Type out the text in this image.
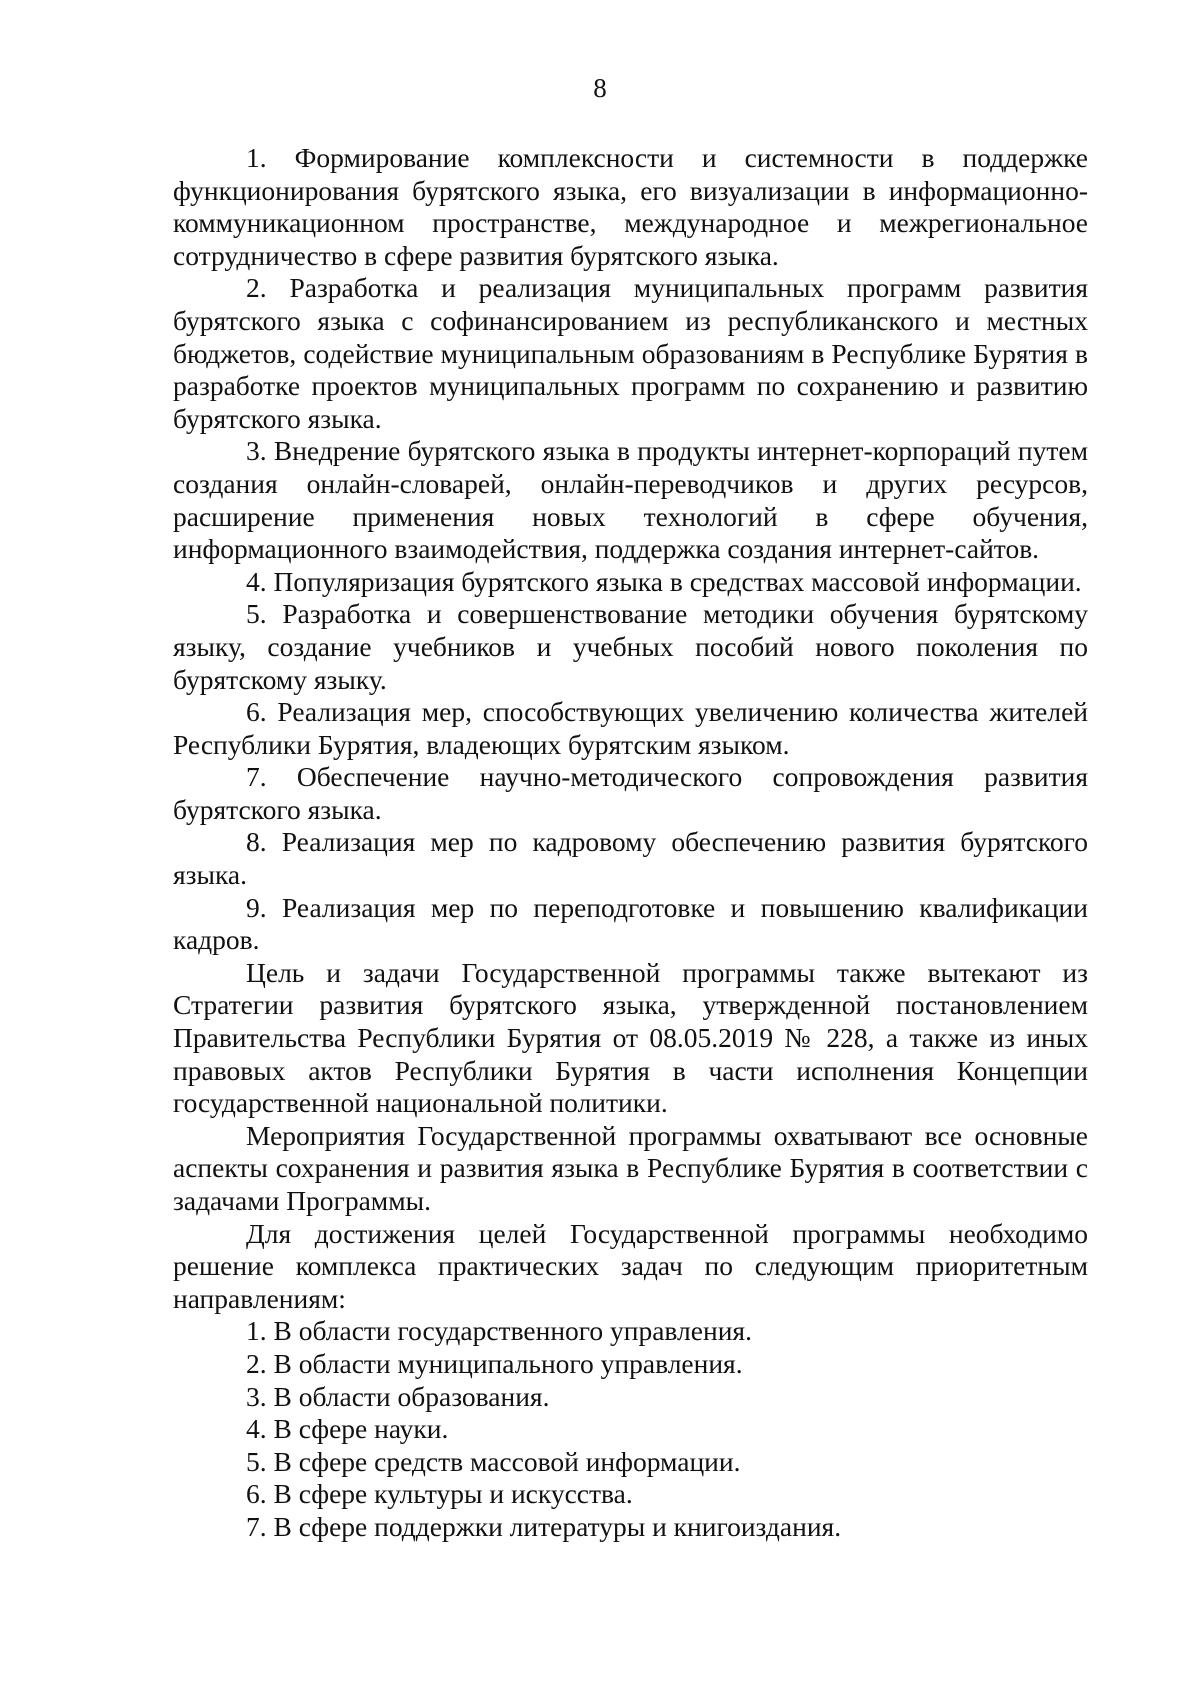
8

1. Формирование комплексности и системности в поддержке функционирования бурятского языка, его визуализации в информационно-коммуникационном пространстве, международное и межрегиональное сотрудничество в сфере развития бурятского языка.

2. Разработка и реализация муниципальных программ развития бурятского языка с софинансированием из республиканского и местных бюджетов, содействие муниципальным образованиям в Республике Бурятия в разработке проектов муниципальных программ по сохранению и развитию бурятского языка.

3. Внедрение бурятского языка в продукты интернет-корпораций путем создания онлайн-словарей, онлайн-переводчиков и других ресурсов, расширение применения новых технологий в сфере обучения, информационного взаимодействия, поддержка создания интернет-сайтов.

4. Популяризация бурятского языка в средствах массовой информации.

5. Разработка и совершенствование методики обучения бурятскому языку, создание учебников и учебных пособий нового поколения по бурятскому языку.

6. Реализация мер, способствующих увеличению количества жителей Республики Бурятия, владеющих бурятским языком.

7. Обеспечение научно-методического сопровождения развития бурятского языка.

8. Реализация мер по кадровому обеспечению развития бурятского языка.

9. Реализация мер по переподготовке и повышению квалификации кадров.

Цель и задачи Государственной программы также вытекают из Стратегии развития бурятского языка, утвержденной постановлением Правительства Республики Бурятия от 08.05.2019 № 228, а также из иных правовых актов Республики Бурятия в части исполнения Концепции государственной национальной политики.

Мероприятия Государственной программы охватывают все основные аспекты сохранения и развития языка в Республике Бурятия в соответствии с задачами Программы.

Для достижения целей Государственной программы необходимо решение комплекса практических задач по следующим приоритетным направлениям:

1. В области государственного управления.

2. В области муниципального управления.

3. В области образования.

4. В сфере науки.

5. В сфере средств массовой информации.

6. В сфере культуры и искусства.

7. В сфере поддержки литературы и книгоиздания.
